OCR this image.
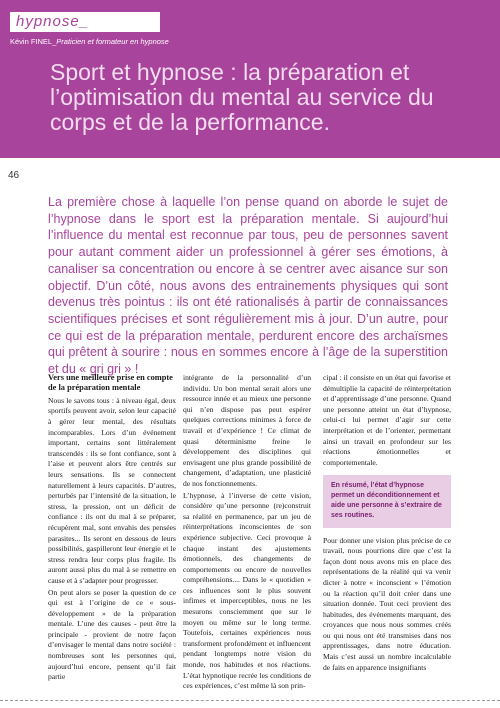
hypnose_
Kévin FINEL_Praticien et formateur en hypnose
Sport et hypnose : la préparation et l’optimisation du mental au service du corps et de la performance.
46

La première chose à laquelle l’on pense quand on aborde le sujet de l’hypnose dans le sport est la préparation mentale. Si aujourd’hui l’influence du mental est reconnue par tous, peu de personnes savent pour autant comment aider un professionnel à gérer ses émotions, à canaliser sa concentration ou encore à se centrer avec aisance sur son objectif. D’un côté, nous avons des entrainements physiques qui sont devenus très pointus : ils ont été rationalisés à partir de connaissances scientifiques précises et sont régulièrement mis à jour. D’un autre, pour ce qui est de la préparation mentale, perdurent encore des archaïsmes qui prêtent à sourire : nous en sommes encore à l’âge de la superstition et du « gri gri » !

Vers une meilleure prise en compte de la préparation mentale

Nous le savons tous : à niveau égal, deux sportifs peuvent avoir, selon leur capacité à gérer leur mental, des résultats incomparables. Lors d’un événement important, certains sont littéralement transcendés : ils se font confiance, sont à l’aise et peuvent alors être centrés sur leurs sensations. Ils se connectent naturellement à leurs capacités. D’autres, perturbés par l’intensité de la situation, le stress, la pression, ont un déficit de confiance : ils ont du mal à se préparer, récupèrent mal, sont envahis des pensées parasites... Ils seront en dessous de leurs possibilités, gaspilleront leur énergie et le stress rendra leur corps plus fragile. Ils auront aussi plus du mal à se remettre en cause et à s’adapter pour progresser.

On peut alors se poser la question de ce qui est à l’origine de ce « sous-développement » de la préparation mentale. L’une des causes - peut être la principale - provient de notre façon d’envisager le mental dans notre société : nombreuses sont les personnes qui, aujourd’hui encore, pensent qu’il fait partie

intégrante de la personnalité d’un individu. Un bon mental serait alors une ressource innée et au mieux une personne qui n’en dispose pas peut espérer quelques corrections minimes à force de travail et d’expérience ! Ce climat de quasi déterminisme freine le développement des disciplines qui envisagent une plus grande possibilité de changement, d’adaptation, une plasticité de nos fonctionnements.

L’hypnose, à l’inverse de cette vision, considère qu’une personne (re)construit sa réalité en permanence, par un jeu de réinterprétations inconscientes de son expérience subjective. Ceci provoque à chaque instant des ajustements émotionnels, des changements de comportements ou encore de nouvelles compréhensions.... Dans le « quotidien » ces influences sont le plus souvent infimes et imperceptibles, nous ne les mesurons consciemment que sur le moyen ou même sur le long terme. Toutefois, certaines expériences nous transforment profondément et influencent pendant longtemps notre vision du monde, nos habitudes et nos réactions. L’état hypnotique recrée les conditions de ces expériences, c’est même là son prin-

cipal : il consiste en un état qui favorise et démultiplie la capacité de réinterprétation et d’apprentissage d’une personne. Quand une personne atteint un état d’hypnose, celui-ci lui permet d’agir sur cette interprétation et de l’orienter, permettant ainsi un travail en profondeur sur les réactions émotionnelles et comportementale.

En résumé, l’état d’hypnose permet un déconditionnement et aide une personne à s’extraire de ses routines.

Pour donner une vision plus précise de ce travail, nous pourrions dire que c’est la façon dont nous avons mis en place des représentations de la réalité qui va venir dicter à notre « inconscient » l’émotion ou la réaction qu’il doit créer dans une situation donnée. Tout ceci provient des habitudes, des événements marquant, des croyances que nous nous sommes créés ou qui nous ont été transmises dans nos apprentissages, dans notre éducation. Mais c’est aussi un nombre incalculable de faits en apparence insignifiants
